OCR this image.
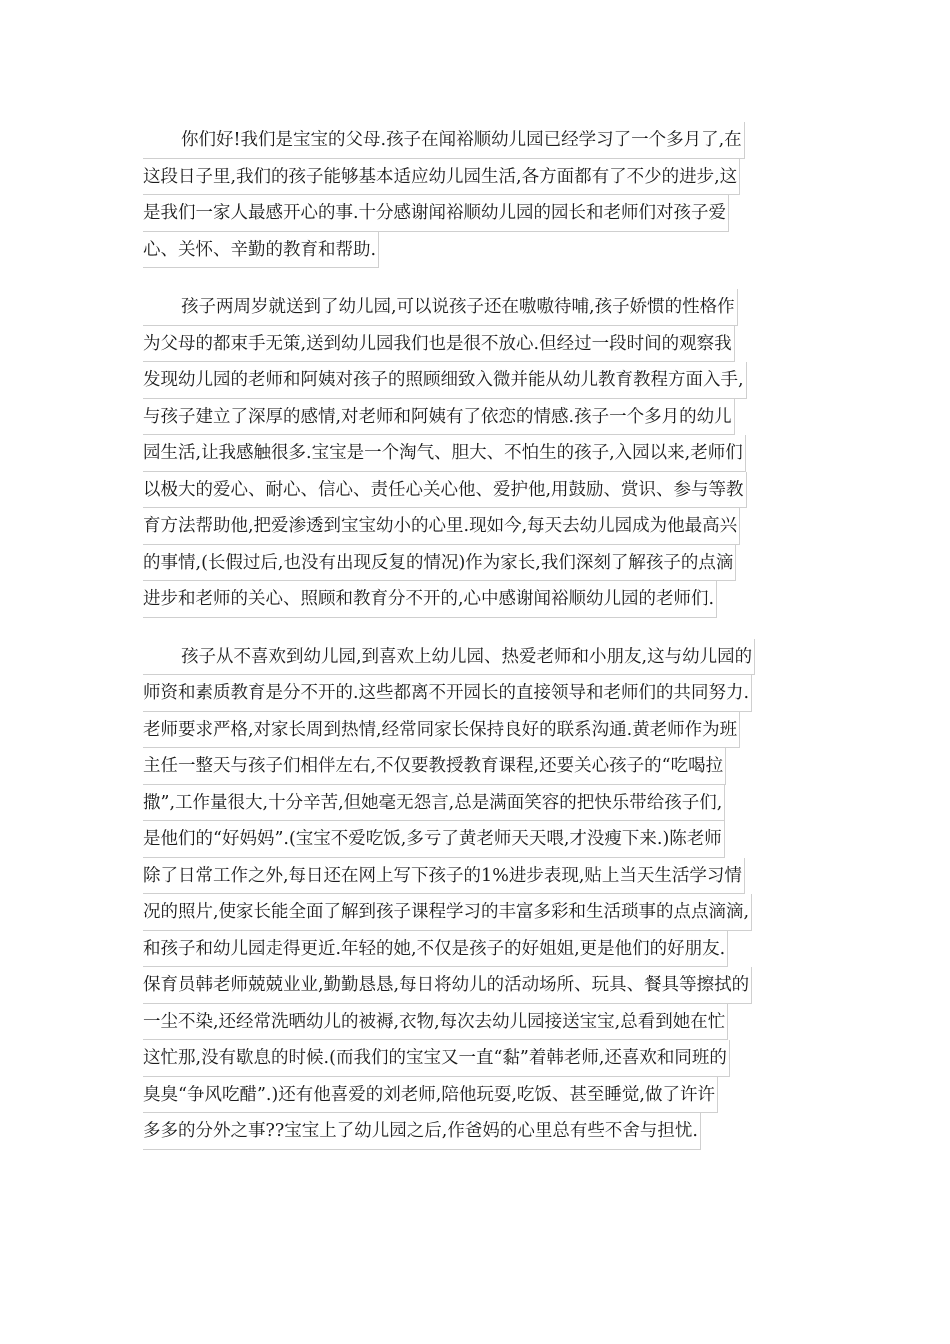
你们好!我们是宝宝的父母.孩子在闻裕顺幼儿园已经学习了一个多月了,在
这段日子里,我们的孩子能够基本适应幼儿园生活,各方面都有了不少的进步,这
是我们一家人最感开心的事.十分感谢闻裕顺幼儿园的园长和老师们对孩子爱
心、关怀、辛勤的教育和帮助.
孩子两周岁就送到了幼儿园,可以说孩子还在嗷嗷待哺,孩子娇惯的性格作
为父母的都束手无策,送到幼儿园我们也是很不放心.但经过一段时间的观察我
发现幼儿园的老师和阿姨对孩子的照顾细致入微并能从幼儿教育教程方面入手,
与孩子建立了深厚的感情,对老师和阿姨有了依恋的情感.孩子一个多月的幼儿
园生活,让我感触很多.宝宝是一个淘气、胆大、不怕生的孩子,入园以来,老师们
以极大的爱心、耐心、信心、责任心关心他、爱护他,用鼓励、赏识、参与等教
育方法帮助他,把爱渗透到宝宝幼小的心里.现如今,每天去幼儿园成为他最高兴
的事情,(长假过后,也没有出现反复的情况)作为家长,我们深刻了解孩子的点滴
进步和老师的关心、照顾和教育分不开的,心中感谢闻裕顺幼儿园的老师们.
孩子从不喜欢到幼儿园,到喜欢上幼儿园、热爱老师和小朋友,这与幼儿园的
师资和素质教育是分不开的.这些都离不开园长的直接领导和老师们的共同努力.
老师要求严格,对家长周到热情,经常同家长保持良好的联系沟通.黄老师作为班
主任一整天与孩子们相伴左右,不仅要教授教育课程,还要关心孩子的“吃喝拉
撒”,工作量很大,十分辛苦,但她毫无怨言,总是满面笑容的把快乐带给孩子们,
是他们的“好妈妈”.(宝宝不爱吃饭,多亏了黄老师天天喂,才没瘦下来.)陈老师
除了日常工作之外,每日还在网上写下孩子的1%进步表现,贴上当天生活学习情
况的照片,使家长能全面了解到孩子课程学习的丰富多彩和生活琐事的点点滴滴,
和孩子和幼儿园走得更近.年轻的她,不仅是孩子的好姐姐,更是他们的好朋友.
保育员韩老师兢兢业业,勤勤恳恳,每日将幼儿的活动场所、玩具、餐具等擦拭的
一尘不染,还经常洗晒幼儿的被褥,衣物,每次去幼儿园接送宝宝,总看到她在忙
这忙那,没有歇息的时候.(而我们的宝宝又一直“黏”着韩老师,还喜欢和同班的
臭臭“争风吃醋”.)还有他喜爱的刘老师,陪他玩耍,吃饭、甚至睡觉,做了许许
多多的分外之事??宝宝上了幼儿园之后,作爸妈的心里总有些不舍与担忧.
